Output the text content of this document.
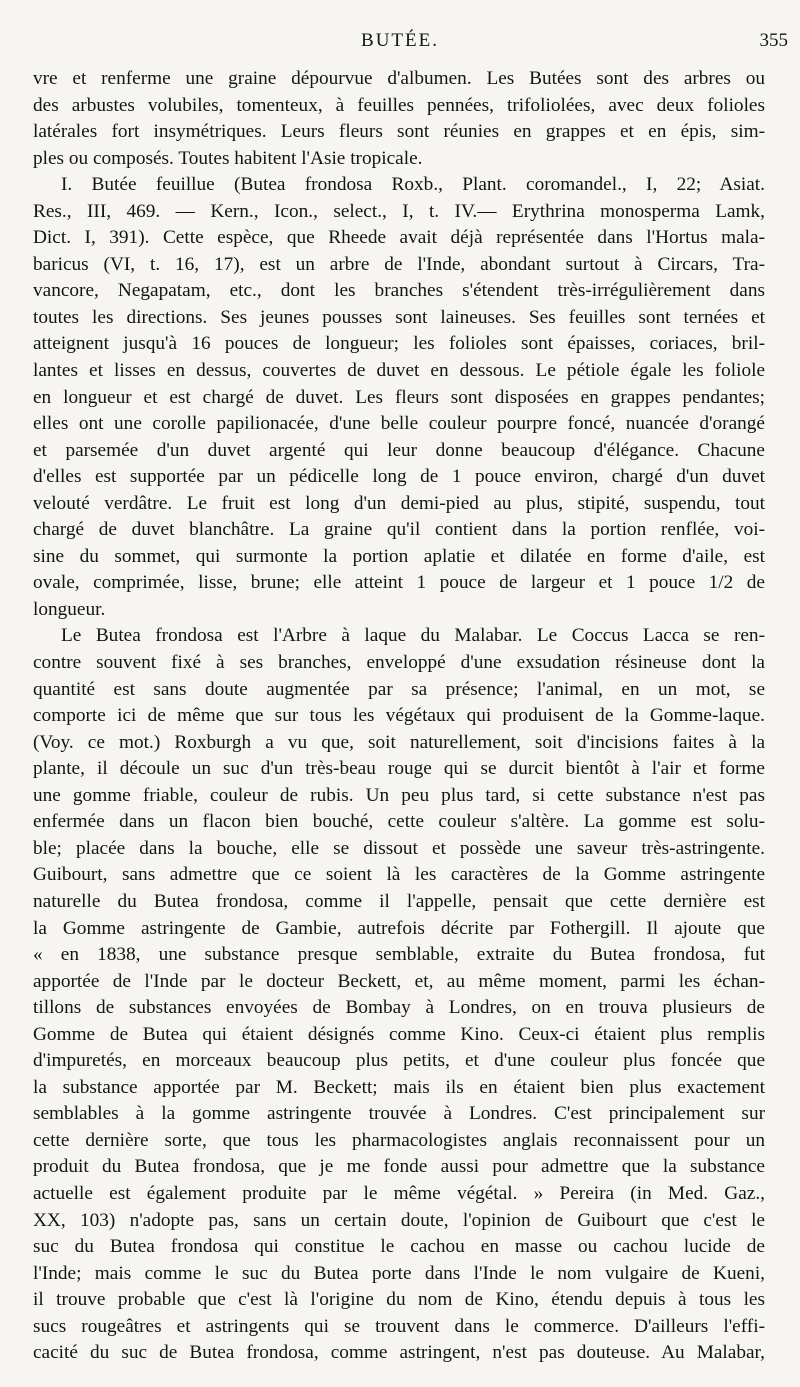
BUTÉE.	355
vre et renferme une graine dépourvue d'albumen. Les Butées sont des arbres ou
des arbustes volubiles, tomenteux, à feuilles pennées, trifoliolées, avec deux folioles
latérales fort insymétriques. Leurs fleurs sont réunies en grappes et en épis, sim-
ples ou composés. Toutes habitent l'Asie tropicale.
I. Butée feuillue (Butea frondosa Roxb., Plant. coromandel., I, 22; Asiat.
Res., III, 469. — Kern., Icon., select., I, t. IV.— Erythrina monosperma Lamk,
Dict. I, 391). Cette espèce, que Rheede avait déjà représentée dans l'Hortus mala-
baricus (VI, t. 16, 17), est un arbre de l'Inde, abondant surtout à Circars, Tra-
vancore, Negapatam, etc., dont les branches s'étendent très-irrégulièrement dans
toutes les directions. Ses jeunes pousses sont laineuses. Ses feuilles sont ternées et
atteignent jusqu'à 16 pouces de longueur; les folioles sont épaisses, coriaces, bril-
lantes et lisses en dessus, couvertes de duvet en dessous. Le pétiole égale les foliole
en longueur et est chargé de duvet. Les fleurs sont disposées en grappes pendantes;
elles ont une corolle papilionacée, d'une belle couleur pourpre foncé, nuancée d'orangé
et parsemée d'un duvet argenté qui leur donne beaucoup d'élégance. Chacune
d'elles est supportée par un pédicelle long de 1 pouce environ, chargé d'un duvet
velouté verdâtre. Le fruit est long d'un demi-pied au plus, stipité, suspendu, tout
chargé de duvet blanchâtre. La graine qu'il contient dans la portion renflée, voi-
sine du sommet, qui surmonte la portion aplatie et dilatée en forme d'aile, est
ovale, comprimée, lisse, brune; elle atteint 1 pouce de largeur et 1 pouce 1/2 de
longueur.
Le Butea frondosa est l'Arbre à laque du Malabar. Le Coccus Lacca se ren-
contre souvent fixé à ses branches, enveloppé d'une exsudation résineuse dont la
quantité est sans doute augmentée par sa présence; l'animal, en un mot, se
comporte ici de même que sur tous les végétaux qui produisent de la Gomme-laque.
(Voy. ce mot.) Roxburgh a vu que, soit naturellement, soit d'incisions faites à la
plante, il découle un suc d'un très-beau rouge qui se durcit bientôt à l'air et forme
une gomme friable, couleur de rubis. Un peu plus tard, si cette substance n'est pas
enfermée dans un flacon bien bouché, cette couleur s'altère. La gomme est solu-
ble; placée dans la bouche, elle se dissout et possède une saveur très-astringente.
Guibourt, sans admettre que ce soient là les caractères de la Gomme astringente
naturelle du Butea frondosa, comme il l'appelle, pensait que cette dernière est
la Gomme astringente de Gambie, autrefois décrite par Fothergill. Il ajoute que
« en 1838, une substance presque semblable, extraite du Butea frondosa, fut
apportée de l'Inde par le docteur Beckett, et, au même moment, parmi les échan-
tillons de substances envoyées de Bombay à Londres, on en trouva plusieurs de
Gomme de Butea qui étaient désignés comme Kino. Ceux-ci étaient plus remplis
d'impuretés, en morceaux beaucoup plus petits, et d'une couleur plus foncée que
la substance apportée par M. Beckett; mais ils en étaient bien plus exactement
semblables à la gomme astringente trouvée à Londres. C'est principalement sur
cette dernière sorte, que tous les pharmacologistes anglais reconnaissent pour un
produit du Butea frondosa, que je me fonde aussi pour admettre que la substance
actuelle est également produite par le même végétal. » Pereira (in Med. Gaz.,
XX, 103) n'adopte pas, sans un certain doute, l'opinion de Guibourt que c'est le
suc du Butea frondosa qui constitue le cachou en masse ou cachou lucide de
l'Inde; mais comme le suc du Butea porte dans l'Inde le nom vulgaire de Kueni,
il trouve probable que c'est là l'origine du nom de Kino, étendu depuis à tous les
sucs rougeâtres et astringents qui se trouvent dans le commerce. D'ailleurs l'effi-
cacité du suc de Butea frondosa, comme astringent, n'est pas douteuse. Au Malabar,
